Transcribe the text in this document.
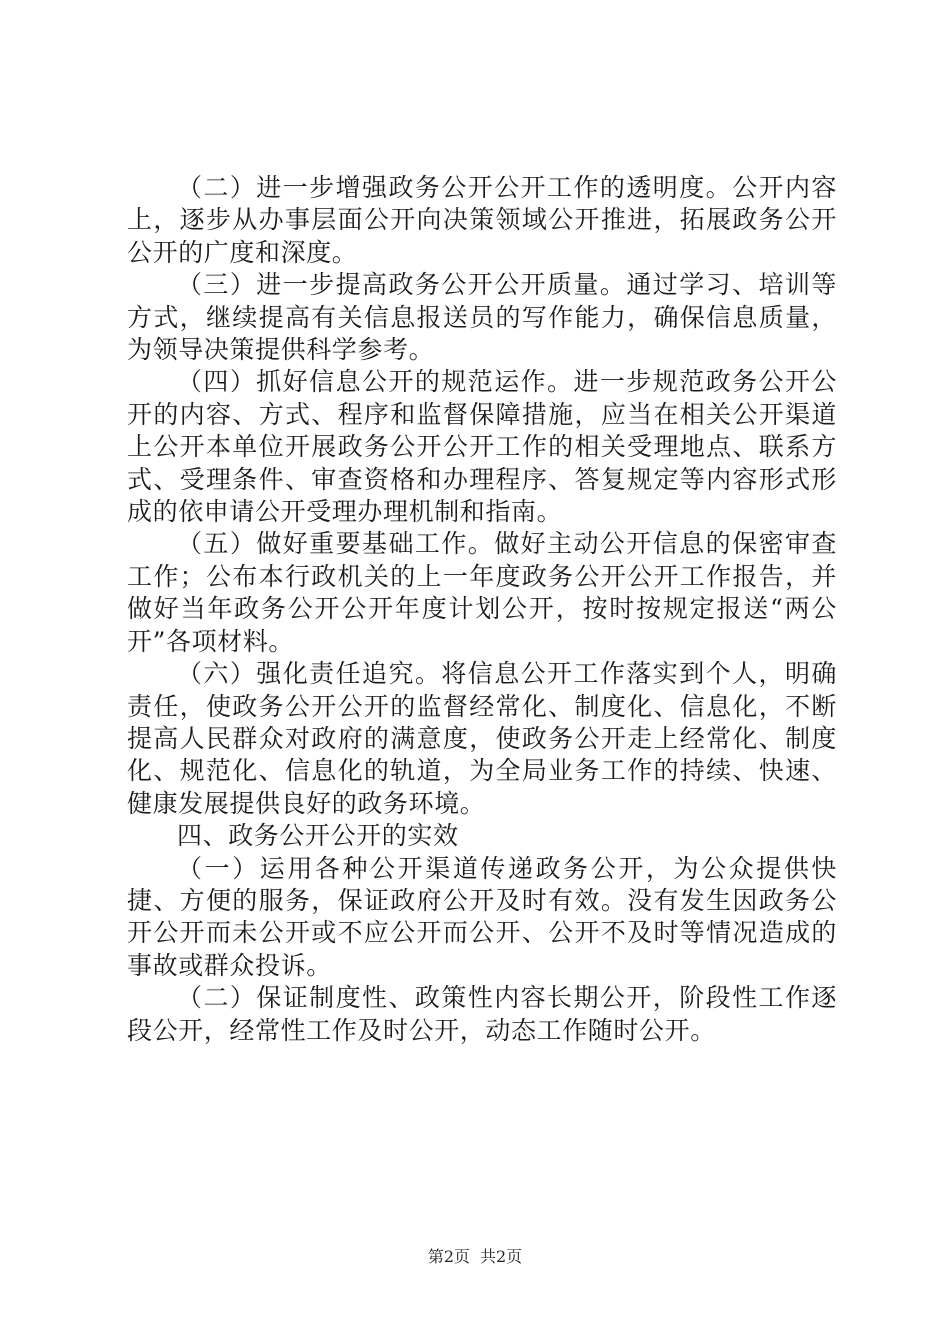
（二）进一步增强政务公开公开工作的透明度。公开内容上，逐步从办事层面公开向决策领域公开推进，拓展政务公开公开的广度和深度。

（三）进一步提高政务公开公开质量。通过学习、培训等方式，继续提高有关信息报送员的写作能力，确保信息质量，为领导决策提供科学参考。

（四）抓好信息公开的规范运作。进一步规范政务公开公开的内容、方式、程序和监督保障措施，应当在相关公开渠道上公开本单位开展政务公开公开工作的相关受理地点、联系方式、受理条件、审查资格和办理程序、答复规定等内容形式形成的依申请公开受理办理机制和指南。

（五）做好重要基础工作。做好主动公开信息的保密审查工作；公布本行政机关的上一年度政务公开公开工作报告，并做好当年政务公开公开年度计划公开，按时按规定报送“两公开”各项材料。

（六）强化责任追究。将信息公开工作落实到个人，明确责任，使政务公开公开的监督经常化、制度化、信息化，不断提高人民群众对政府的满意度，使政务公开走上经常化、制度化、规范化、信息化的轨道，为全局业务工作的持续、快速、健康发展提供良好的政务环境。

四、政务公开公开的实效

（一）运用各种公开渠道传递政务公开，为公众提供快捷、方便的服务，保证政府公开及时有效。没有发生因政务公开公开而未公开或不应公开而公开、公开不及时等情况造成的事故或群众投诉。

（二）保证制度性、政策性内容长期公开，阶段性工作逐段公开，经常性工作及时公开，动态工作随时公开。

第2页 共2页
